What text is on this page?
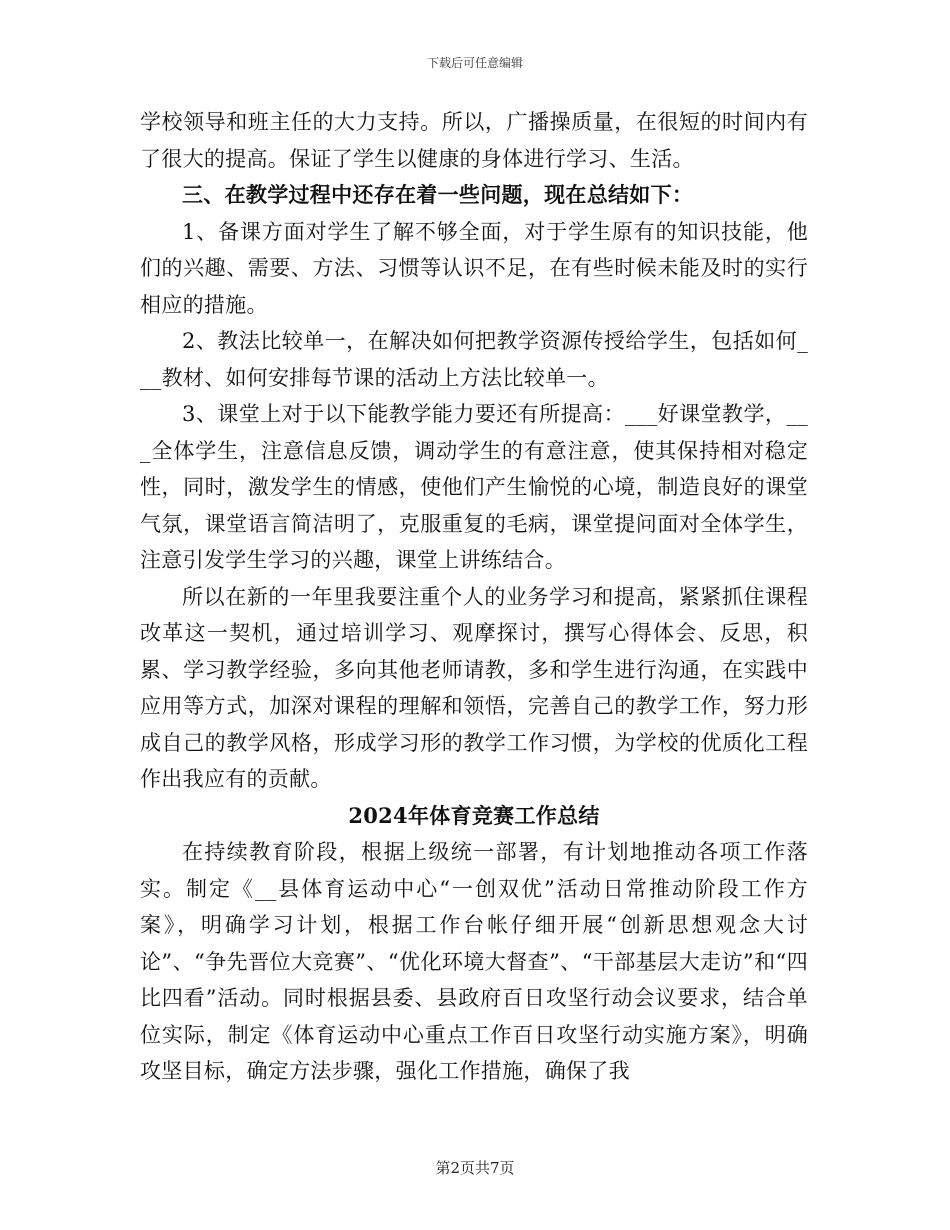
下载后可任意编辑

学校领导和班主任的大力支持。所以，广播操质量，在很短的时间内有了很大的提高。保证了学生以健康的身体进行学习、生活。

三、在教学过程中还存在着一些问题，现在总结如下：

1、备课方面对学生了解不够全面，对于学生原有的知识技能，他们的兴趣、需要、方法、习惯等认识不足，在有些时候未能及时的实行相应的措施。

2、教法比较单一，在解决如何把教学资源传授给学生，包括如何___教材、如何安排每节课的活动上方法比较单一。

3、课堂上对于以下能教学能力要还有所提高：___好课堂教学，___全体学生，注意信息反馈，调动学生的有意注意，使其保持相对稳定性，同时，激发学生的情感，使他们产生愉悦的心境，制造良好的课堂气氛，课堂语言简洁明了，克服重复的毛病，课堂提问面对全体学生，注意引发学生学习的兴趣，课堂上讲练结合。

所以在新的一年里我要注重个人的业务学习和提高，紧紧抓住课程改革这一契机，通过培训学习、观摩探讨，撰写心得体会、反思，积累、学习教学经验，多向其他老师请教，多和学生进行沟通，在实践中应用等方式，加深对课程的理解和领悟，完善自己的教学工作，努力形成自己的教学风格，形成学习形的教学工作习惯，为学校的优质化工程作出我应有的贡献。

2024年体育竞赛工作总结

在持续教育阶段，根据上级统一部署，有计划地推动各项工作落实。制定《__县体育运动中心“一创双优”活动日常推动阶段工作方案》，明确学习计划，根据工作台帐仔细开展“创新思想观念大讨论”、“争先晋位大竞赛”、“优化环境大督查”、“干部基层大走访”和“四比四看”活动。同时根据县委、县政府百日攻坚行动会议要求，结合单位实际，制定《体育运动中心重点工作百日攻坚行动实施方案》，明确攻坚目标，确定方法步骤，强化工作措施，确保了我

第2页共7页
